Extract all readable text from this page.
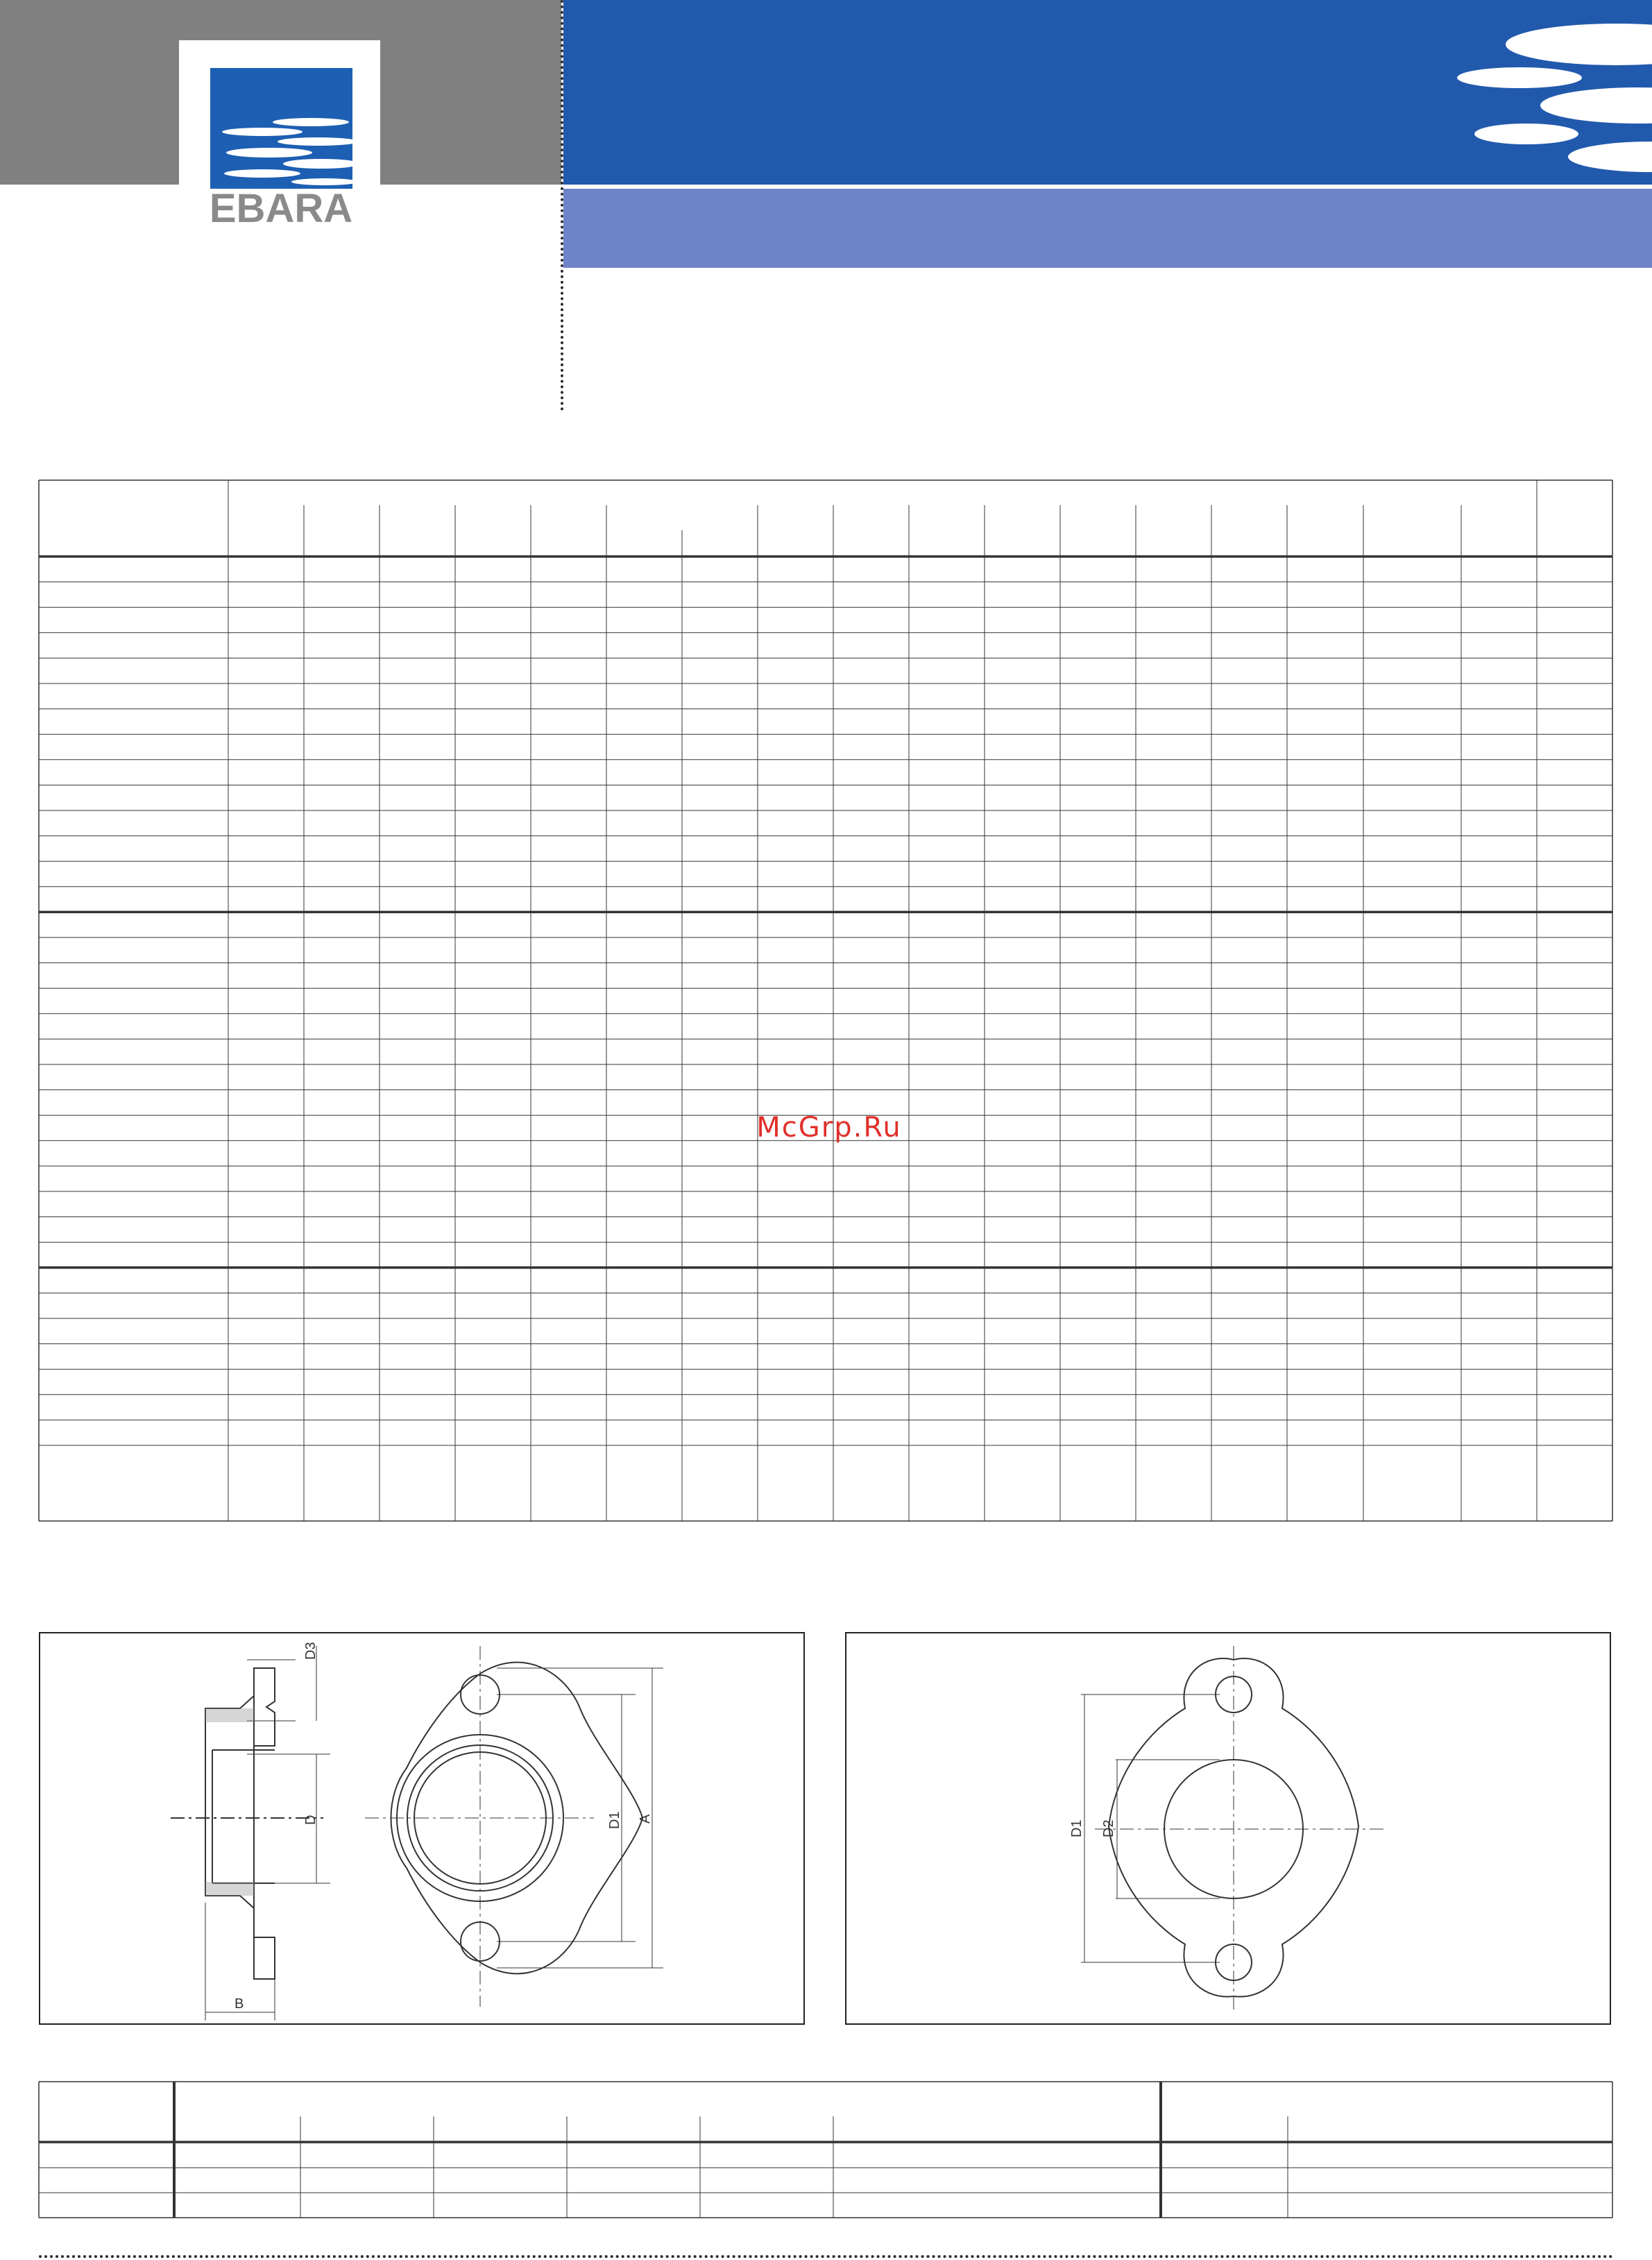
EBARA
McGrp.Ru
D3
D
B
D1 A
D1 D2
